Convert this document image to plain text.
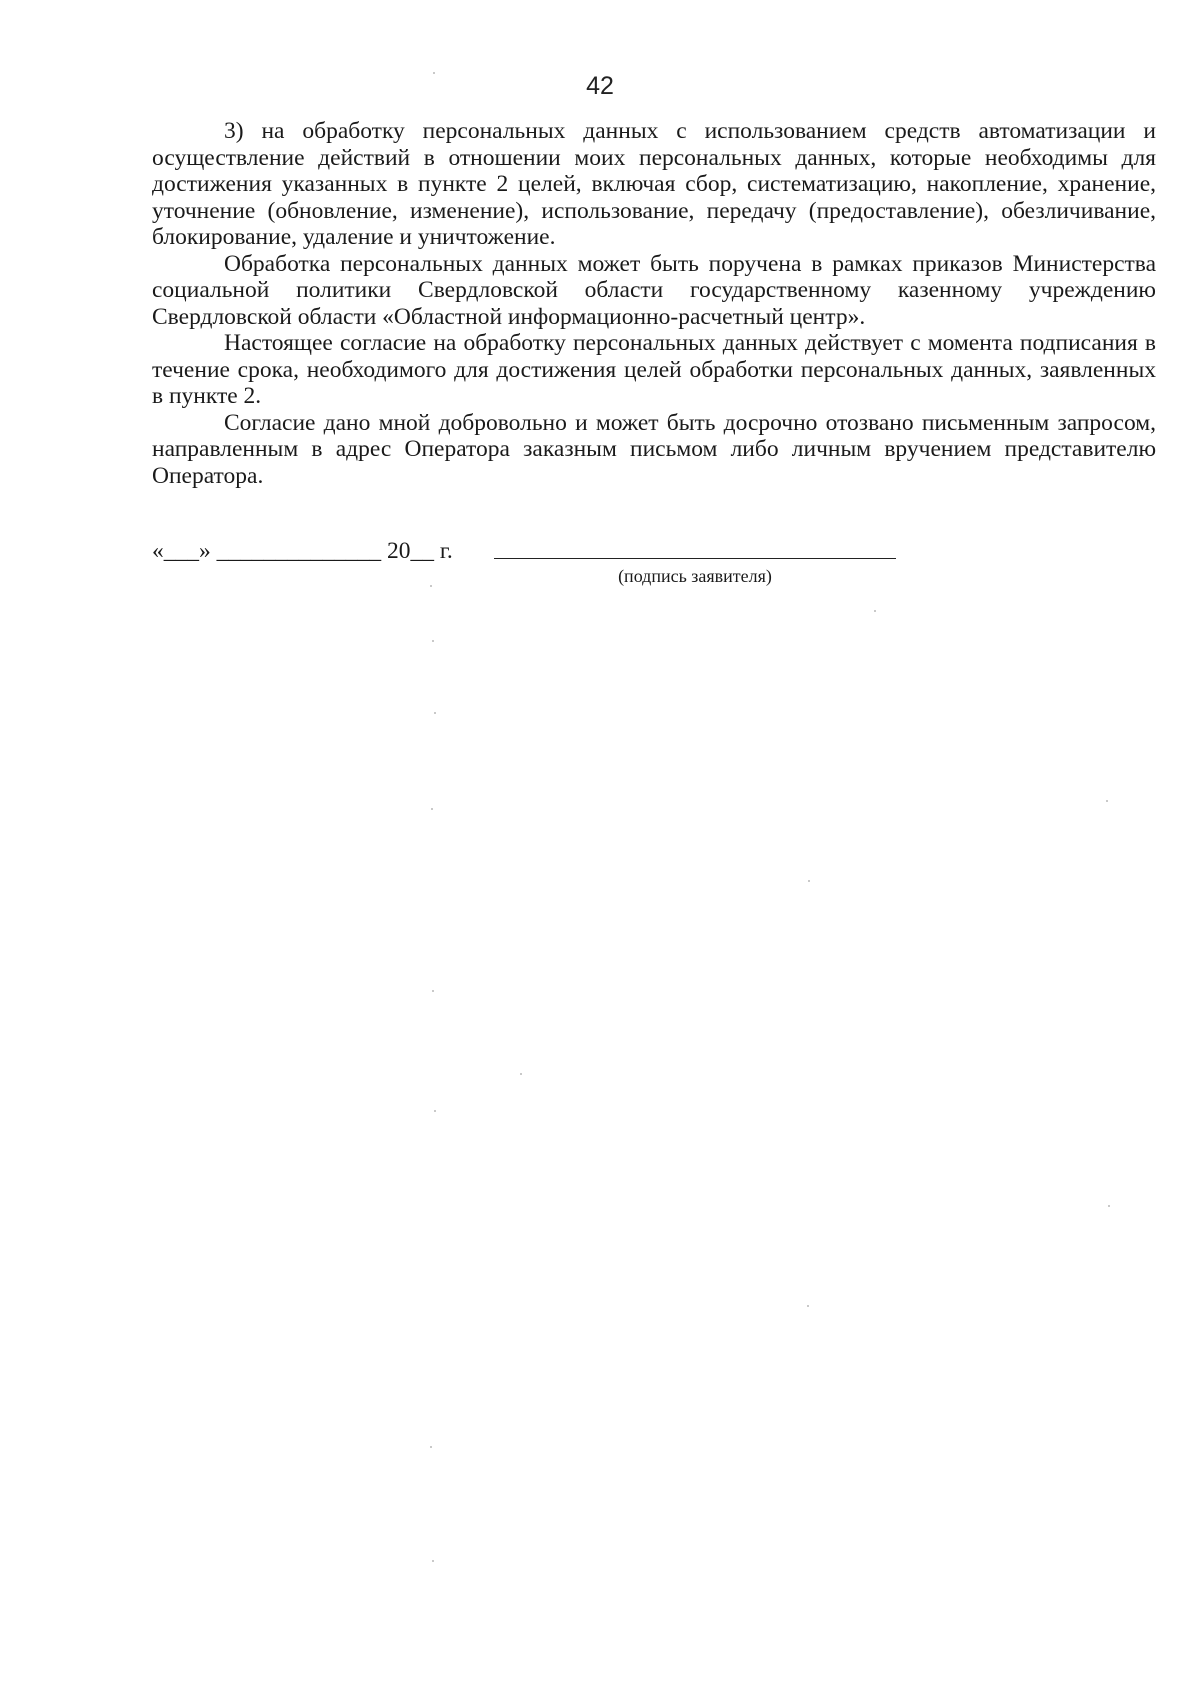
42

3) на обработку персональных данных с использованием средств автоматизации и осуществление действий в отношении моих персональных данных, которые необходимы для достижения указанных в пункте 2 целей, включая сбор, систематизацию, накопление, хранение, уточнение (обновление, изменение), использование, передачу (предоставление), обезличивание, блокирование, удаление и уничтожение.

Обработка персональных данных может быть поручена в рамках приказов Министерства социальной политики Свердловской области государственному казенному учреждению Свердловской области «Областной информационно-расчетный центр».

Настоящее согласие на обработку персональных данных действует с момента подписания в течение срока, необходимого для достижения целей обработки персональных данных, заявленных в пункте 2.

Согласие дано мной добровольно и может быть досрочно отозвано письменным запросом, направленным в адрес Оператора заказным письмом либо личным вручением представителю Оператора.

«___» ______________ 20__ г.
(подпись заявителя)
